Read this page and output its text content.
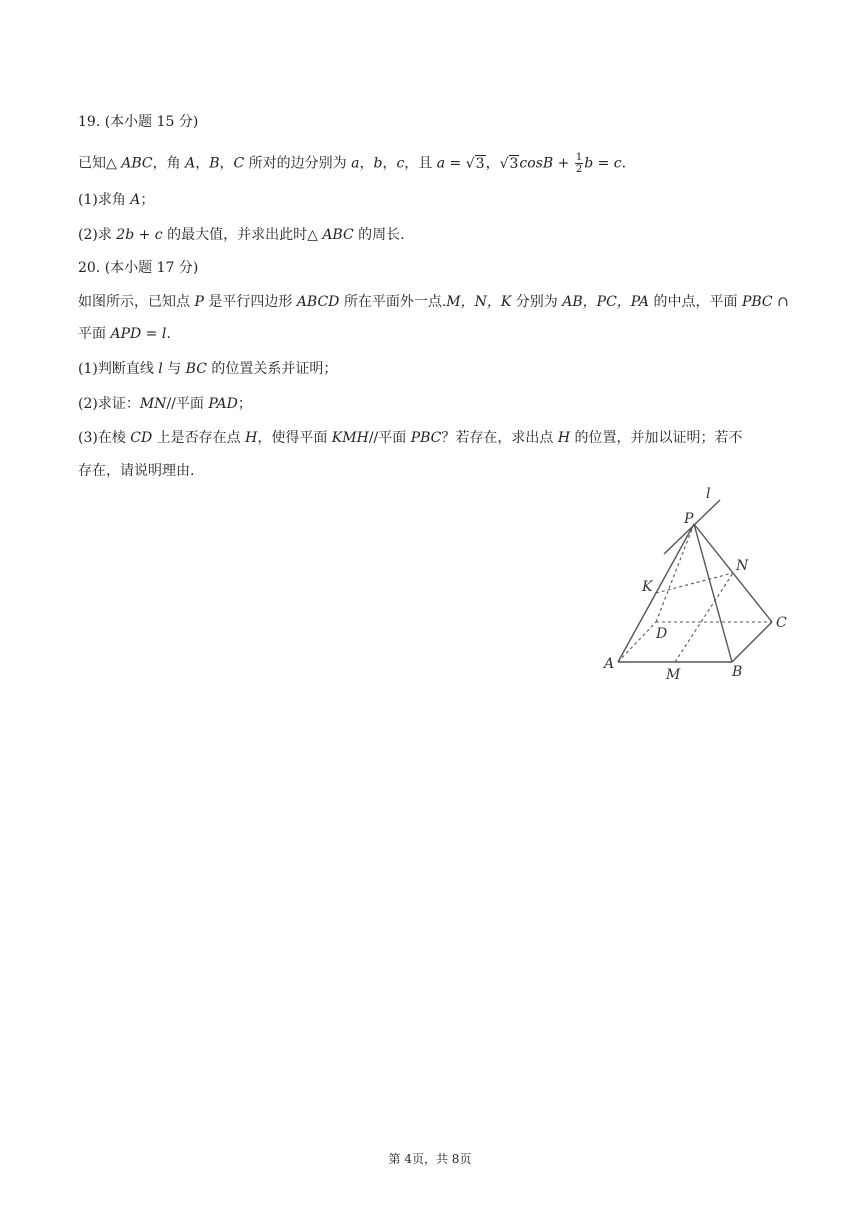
19. (本小题 15 分)
已知△ ABC，角 A，B，C 所对的边分别为 a，b，c，且 a = √3，$√3\cos B + \frac{1}{2}$ b = c.
(1)求角 A；
(2)求 2b + c 的最大值，并求出此时△ ABC 的周长.
20. (本小题 17 分)
如图所示，已知点 P 是平行四边形 ABCD 所在平面外一点.M，N，K 分别为 AB，PC，PA 的中点，平面 PBC ∩
平面 APD = l.
(1)判断直线 l 与 BC 的位置关系并证明；
(2)求证：MN//平面 PAD；
(3)在棱 CD 上是否存在点 H，使得平面 KMH//平面 PBC？若存在，求出点 H 的位置，并加以证明；若不
存在，请说明理由.
l
P
N
K
D
C
A
M	B
第 4页，共 8页
